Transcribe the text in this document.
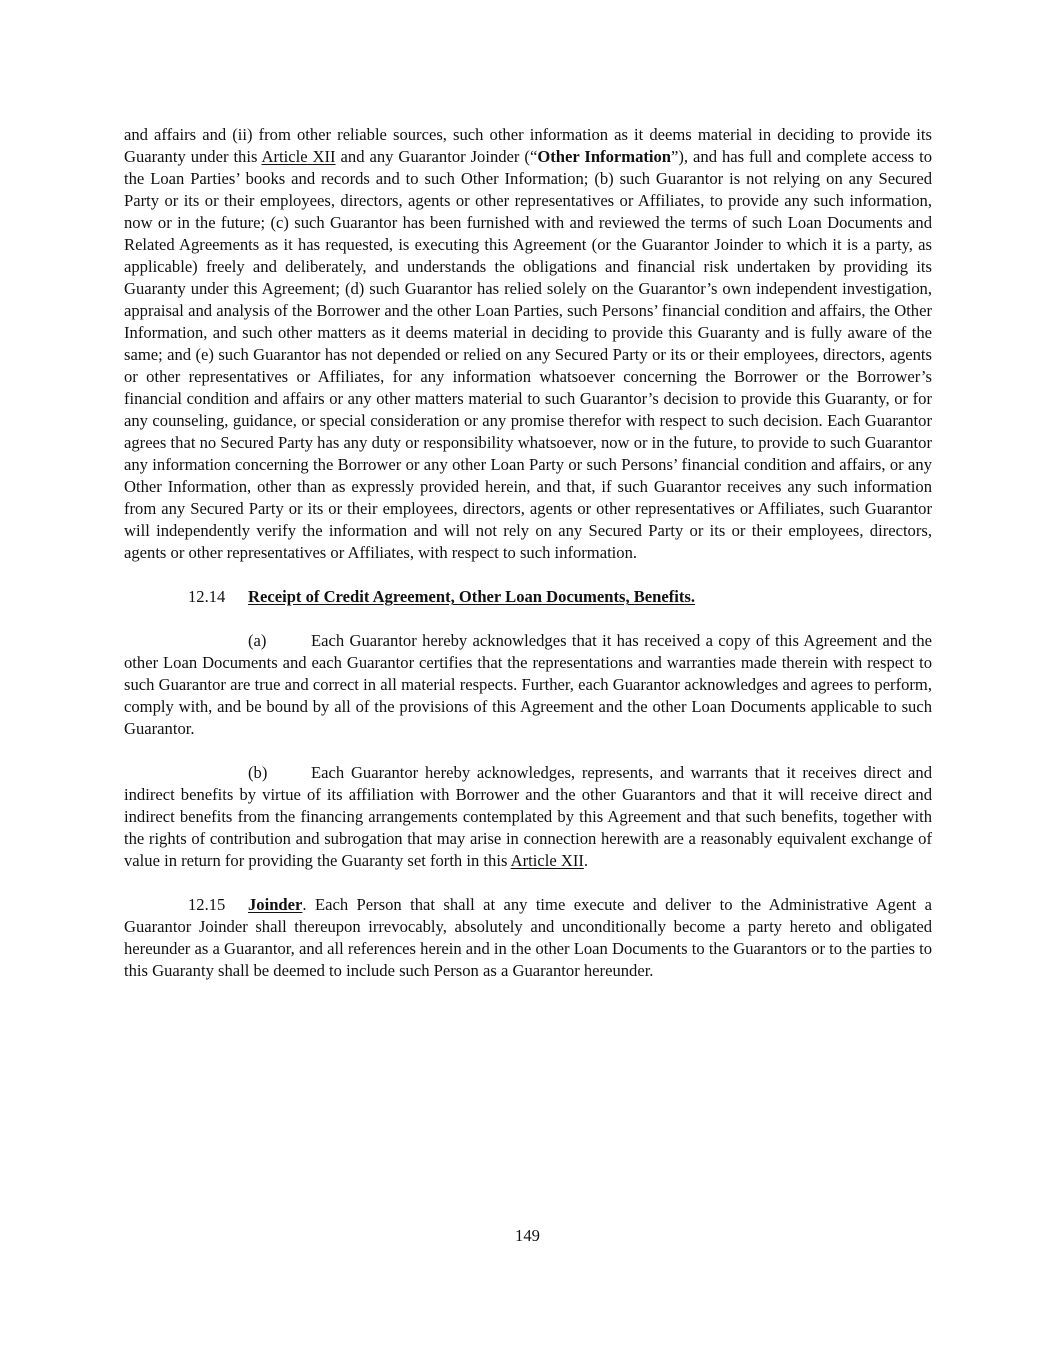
and affairs and (ii) from other reliable sources, such other information as it deems material in deciding to provide its Guaranty under this Article XII and any Guarantor Joinder (“Other Information”), and has full and complete access to the Loan Parties’ books and records and to such Other Information; (b) such Guarantor is not relying on any Secured Party or its or their employees, directors, agents or other representatives or Affiliates, to provide any such information, now or in the future; (c) such Guarantor has been furnished with and reviewed the terms of such Loan Documents and Related Agreements as it has requested, is executing this Agreement (or the Guarantor Joinder to which it is a party, as applicable) freely and deliberately, and understands the obligations and financial risk undertaken by providing its Guaranty under this Agreement; (d) such Guarantor has relied solely on the Guarantor’s own independent investigation, appraisal and analysis of the Borrower and the other Loan Parties, such Persons’ financial condition and affairs, the Other Information, and such other matters as it deems material in deciding to provide this Guaranty and is fully aware of the same; and (e) such Guarantor has not depended or relied on any Secured Party or its or their employees, directors, agents or other representatives or Affiliates, for any information whatsoever concerning the Borrower or the Borrower’s financial condition and affairs or any other matters material to such Guarantor’s decision to provide this Guaranty, or for any counseling, guidance, or special consideration or any promise therefor with respect to such decision. Each Guarantor agrees that no Secured Party has any duty or responsibility whatsoever, now or in the future, to provide to such Guarantor any information concerning the Borrower or any other Loan Party or such Persons’ financial condition and affairs, or any Other Information, other than as expressly provided herein, and that, if such Guarantor receives any such information from any Secured Party or its or their employees, directors, agents or other representatives or Affiliates, such Guarantor will independently verify the information and will not rely on any Secured Party or its or their employees, directors, agents or other representatives or Affiliates, with respect to such information.

12.14 Receipt of Credit Agreement, Other Loan Documents, Benefits.

(a)	Each Guarantor hereby acknowledges that it has received a copy of this Agreement and the other Loan Documents and each Guarantor certifies that the representations and warranties made therein with respect to such Guarantor are true and correct in all material respects. Further, each Guarantor acknowledges and agrees to perform, comply with, and be bound by all of the provisions of this Agreement and the other Loan Documents applicable to such Guarantor.

(b)	Each Guarantor hereby acknowledges, represents, and warrants that it receives direct and indirect benefits by virtue of its affiliation with Borrower and the other Guarantors and that it will receive direct and indirect benefits from the financing arrangements contemplated by this Agreement and that such benefits, together with the rights of contribution and subrogation that may arise in connection herewith are a reasonably equivalent exchange of value in return for providing the Guaranty set forth in this Article XII.

12.15 Joinder. Each Person that shall at any time execute and deliver to the Administrative Agent a Guarantor Joinder shall thereupon irrevocably, absolutely and unconditionally become a party hereto and obligated hereunder as a Guarantor, and all references herein and in the other Loan Documents to the Guarantors or to the parties to this Guaranty shall be deemed to include such Person as a Guarantor hereunder.

149
